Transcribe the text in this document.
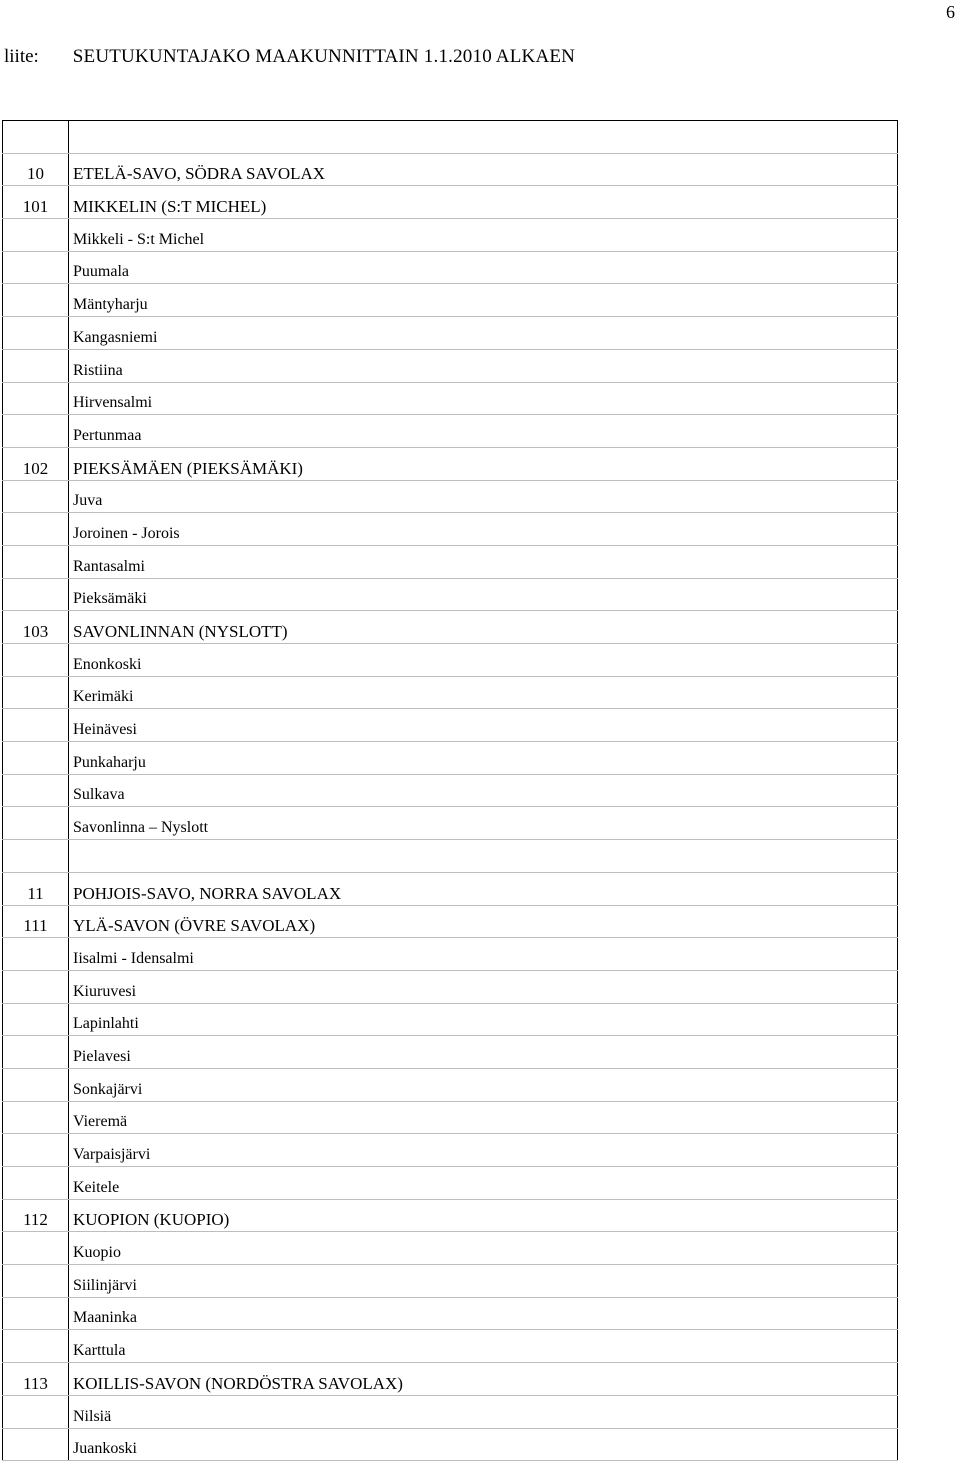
6
liite: SEUTUKUNTAJAKO MAAKUNNITTAIN 1.1.2010 ALKAEN

10	ETELÄ-SAVO, SÖDRA SAVOLAX
101	MIKKELIN (S:T MICHEL)
	Mikkeli - S:t Michel
	Puumala
	Mäntyharju
	Kangasniemi
	Ristiina
	Hirvensalmi
	Pertunmaa
102	PIEKSÄMÄEN (PIEKSÄMÄKI)
	Juva
	Joroinen - Jorois
	Rantasalmi
	Pieksämäki
103	SAVONLINNAN (NYSLOTT)
	Enonkoski
	Kerimäki
	Heinävesi
	Punkaharju
	Sulkava
	Savonlinna – Nyslott

11	POHJOIS-SAVO, NORRA SAVOLAX
111	YLÄ-SAVON (ÖVRE SAVOLAX)
	Iisalmi - Idensalmi
	Kiuruvesi
	Lapinlahti
	Pielavesi
	Sonkajärvi
	Vieremä
	Varpaisjärvi
	Keitele
112	KUOPION (KUOPIO)
	Kuopio
	Siilinjärvi
	Maaninka
	Karttula
113	KOILLIS-SAVON (NORDÖSTRA SAVOLAX)
	Nilsiä
	Juankoski
